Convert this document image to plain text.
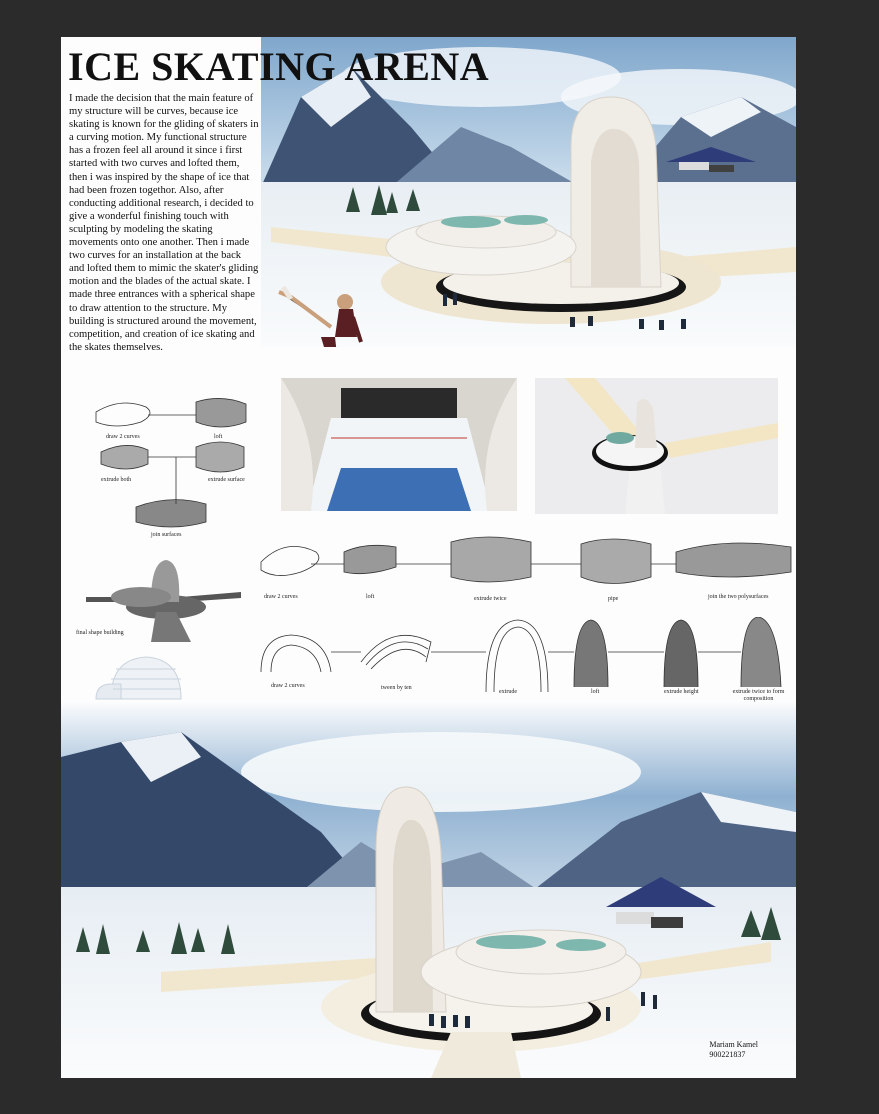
ICE SKATING ARENA
I made the decision that the main feature of my structure will be curves, because ice skating is known for the gliding of skaters in a curving motion. My functional structure has a frozen feel all around it since i first started with two curves and lofted them, then i was inspired by the shape of ice that had been frozen togethor. Also, after conducting additional research, i decided to give a wonderful finishing touch with sculpting by modeling the skating movements onto one another. Then i made two curves for an installation at the back and lofted them to mimic the skater's gliding motion and the blades of the actual skate. I made three entrances with a spherical shape to draw attention to the structure. My building is structured around the movement, competition, and creation of ice skating and the skates themselves.
draw 2 curves	loft
extrude both	extrude surface
join surfaces
draw 2 curves	loft	extrude twice	pipe	join the two polysurfaces
final shape building
draw 2 curves	tween by ten
extrude	loft	extrude height	extrude twice to form composition
Mariam Kamel
900221837
